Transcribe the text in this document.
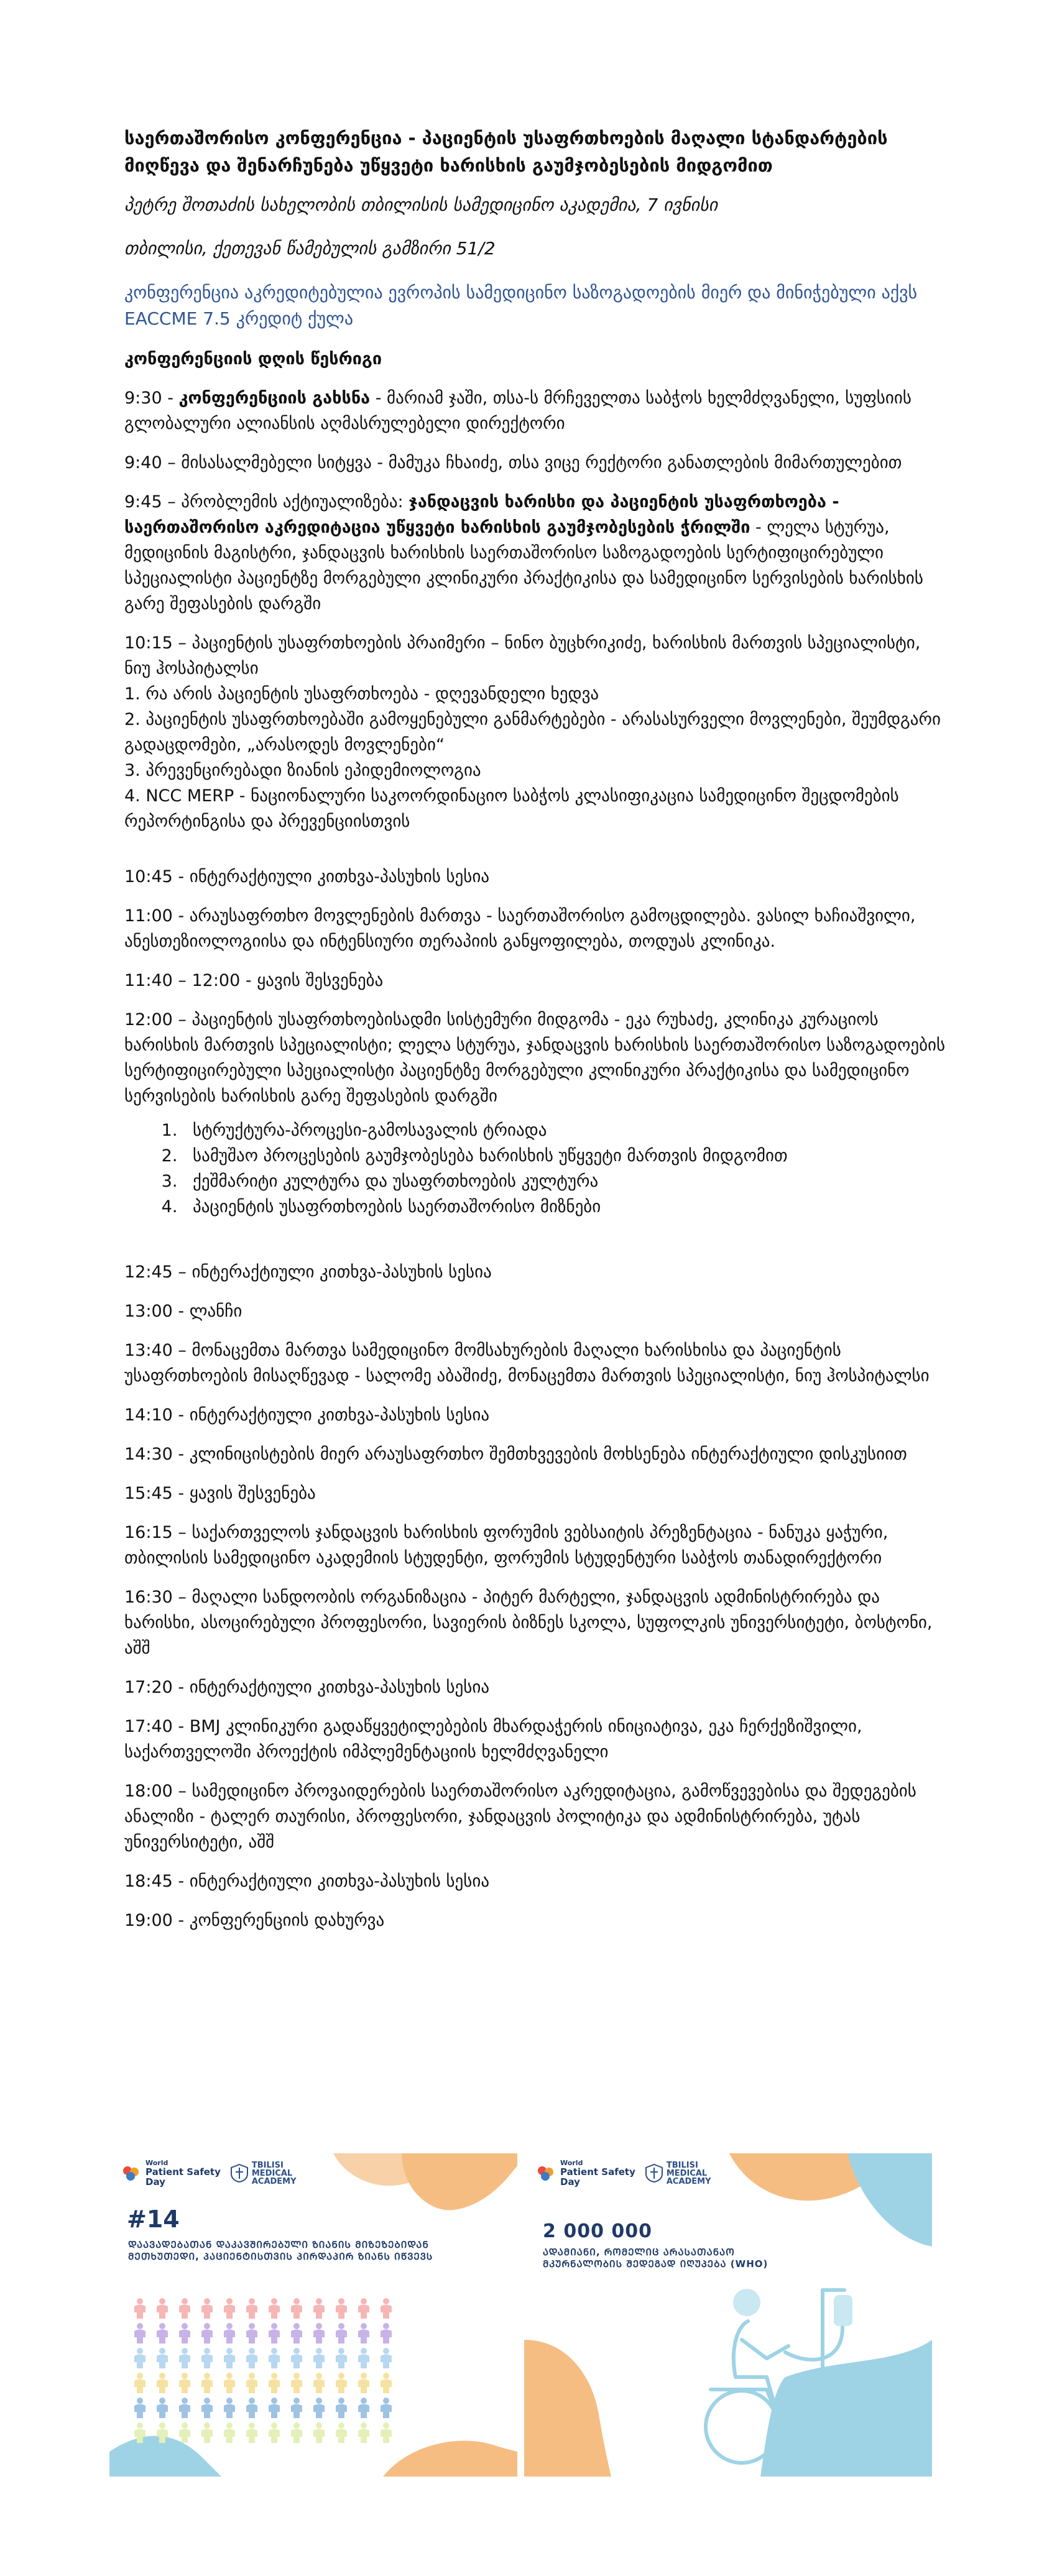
საერთაშორისო კონფერენცია - პაციენტის უსაფრთხოების მაღალი სტანდარტების მიღწევა და შენარჩუნება უწყვეტი ხარისხის გაუმჯობესების მიდგომით
პეტრე შოთაძის სახელობის თბილისის სამედიცინო აკადემია, 7 ივნისი
თბილისი, ქეთევან წამებულის გამზირი 51/2
კონფერენცია აკრედიტებულია ევროპის სამედიცინო საზოგადოების მიერ და მინიჭებული აქვს EACCME 7.5 კრედიტ ქულა
კონფერენციის დღის წესრიგი
9:30 - კონფერენციის გახსნა - მარიამ ჯაში, თსა-ს მრჩეველთა საბჭოს ხელმძღვანელი, სუფსიის გლობალური ალიანსის აღმასრულებელი დირექტორი
9:40 – მისასალმებელი სიტყვა - მამუკა ჩხაიძე, თსა ვიცე რექტორი განათლების მიმართულებით
9:45 – პრობლემის აქტიუალიზება: ჯანდაცვის ხარისხი და პაციენტის უსაფრთხოება - საერთაშორისო აკრედიტაცია უწყვეტი ხარისხის გაუმჯობესების ჭრილში - ლელა სტურუა, მედიცინის მაგისტრი, ჯანდაცვის ხარისხის საერთაშორისო საზოგადოების სერტიფიცირებული სპეციალისტი პაციენტზე მორგებული კლინიკური პრაქტიკისა და სამედიცინო სერვისების ხარისხის გარე შეფასების დარგში
10:15 – პაციენტის უსაფრთხოების პრაიმერი – ნინო ბუცხრიკიძე, ხარისხის მართვის სპეციალისტი, ნიუ ჰოსპიტალსი
1. რა არის პაციენტის უსაფრთხოება - დღევანდელი ხედვა
2. პაციენტის უსაფრთხოებაში გამოყენებული განმარტებები - არასასურველი მოვლენები, შეუმდგარი გადაცდომები, „არასოდეს მოვლენები“
3. პრევენცირებადი ზიანის ეპიდემიოლოგია
4. NCC MERP - ნაციონალური საკოორდინაციო საბჭოს კლასიფიკაცია სამედიცინო შეცდომების რეპორტინგისა და პრევენციისთვის
10:45 - ინტერაქტიული კითხვა-პასუხის სესია
11:00 - არაუსაფრთხო მოვლენების მართვა - საერთაშორისო გამოცდილება. ვასილ ხაჩიაშვილი, ანესთეზიოლოგიისა და ინტენსიური თერაპიის განყოფილება, თოდუას კლინიკა.
11:40 – 12:00 - ყავის შესვენება
12:00 – პაციენტის უსაფრთხოებისადმი სისტემური მიდგომა - ეკა რუხაძე, კლინიკა კურაციოს ხარისხის მართვის სპეციალისტი; ლელა სტურუა, ჯანდაცვის ხარისხის საერთაშორისო საზოგადოების სერტიფიცირებული სპეციალისტი პაციენტზე მორგებული კლინიკური პრაქტიკისა და სამედიცინო სერვისების ხარისხის გარე შეფასების დარგში
1. სტრუქტურა-პროცესი-გამოსავალის ტრიადა
2. სამუშაო პროცესების გაუმჯობესება ხარისხის უწყვეტი მართვის მიდგომით
3. ქეშმარიტი კულტურა და უსაფრთხოების კულტურა
4. პაციენტის უსაფრთხოების საერთაშორისო მიზნები
12:45 – ინტერაქტიული კითხვა-პასუხის სესია
13:00 - ლანჩი
13:40 – მონაცემთა მართვა სამედიცინო მომსახურების მაღალი ხარისხისა და პაციენტის უსაფრთხოების მისაღწევად - სალომე აბაშიძე, მონაცემთა მართვის სპეციალისტი, ნიუ ჰოსპიტალსი
14:10 - ინტერაქტიული კითხვა-პასუხის სესია
14:30 - კლინიცისტების მიერ არაუსაფრთხო შემთხვევების მოხსენება ინტერაქტიული დისკუსიით
15:45 - ყავის შესვენება
16:15 – საქართველოს ჯანდაცვის ხარისხის ფორუმის ვებსაიტის პრეზენტაცია - ნანუკა ყაჭური, თბილისის სამედიცინო აკადემიის სტუდენტი, ფორუმის სტუდენტური საბჭოს თანადირექტორი
16:30 – მაღალი სანდოობის ორგანიზაცია - პიტერ მარტელი, ჯანდაცვის ადმინისტრირება და ხარისხი, ასოცირებული პროფესორი, სავიერის ბიზნეს სკოლა, სუფოლკის უნივერსიტეტი, ბოსტონი, აშშ
17:20 - ინტერაქტიული კითხვა-პასუხის სესია
17:40 - BMJ კლინიკური გადაწყვეტილებების მხარდაჭერის ინიციატივა, ეკა ჩერქეზიშვილი, საქართველოში პროექტის იმპლემენტაციის ხელმძღვანელი
18:00 – სამედიცინო პროვაიდერების საერთაშორისო აკრედიტაცია, გამოწვევებისა და შედეგების ანალიზი - ტალერ თაურისი, პროფესორი, ჯანდაცვის პოლიტიკა და ადმინისტრირება, უტას უნივერსიტეტი, აშშ
18:45 - ინტერაქტიული კითხვა-პასუხის სესია
19:00 - კონფერენციის დახურვა
World
Patient Safety
Day
TBILISI
MEDICAL
ACADEMY
#14
ᲓᲐᲐᲕᲐᲓᲔᲑᲐᲗᲐᲜ ᲓᲐᲙᲐᲕᲨᲘᲠᲔᲑᲣᲚᲘ ᲖᲘᲐᲜᲘᲡ ᲛᲘᲖᲔᲖᲔᲑᲘᲓᲐᲜ ᲛᲔᲗᲮᲣᲗᲔᲓᲘ, ᲞᲐᲪᲘᲔᲜᲢᲘᲡᲗᲕᲘᲡ ᲞᲘᲠᲓᲐᲞᲘᲠ ᲖᲘᲐᲜᲡ ᲘᲬᲕᲔᲕᲡ
World
Patient Safety
Day
TBILISI
MEDICAL
ACADEMY
2 000 000
ᲐᲓᲐᲛᲘᲐᲜᲘ, ᲠᲝᲛᲔᲚᲘᲪ ᲐᲠᲐᲡᲐᲗᲐᲜᲐᲝ ᲛᲙᲣᲠᲜᲐᲚᲝᲑᲘᲡ ᲨᲔᲓᲔᲒᲐᲓ ᲘᲦᲣᲞᲔᲑᲐ (WHO)
